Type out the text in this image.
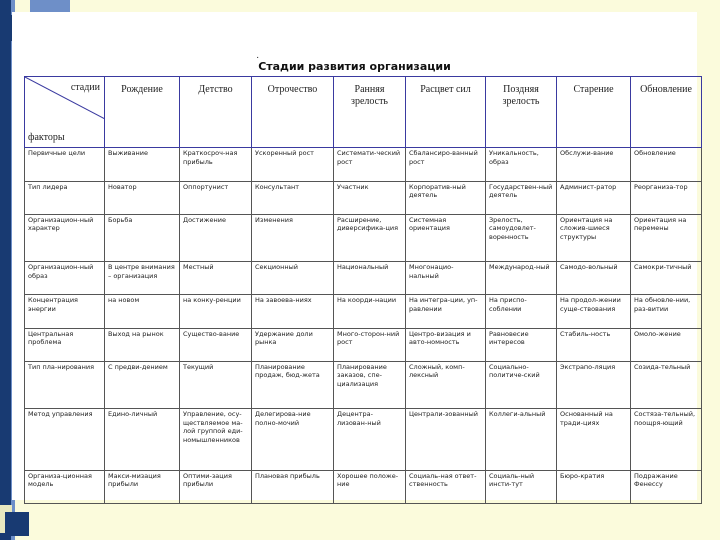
·
Стадии развития организации
стадии
факторы	Рождение	Детство	Отрочество	Ранняя зрелость	Расцвет сил	Поздняя зрелость	Старение	Обновление
Первичные цели	Выживание	Краткосроч-ная прибыль	Ускоренный рост	Системати-ческий рост	Сбалансиро-ванный рост	Уникальность, образ	Обслужи-вание	Обновление
Тип лидера	Новатор	Оппортунист	Консультант	Участник	Корпоратив-ный деятель	Государствен-ный деятель	Админист-ратор	Реорганиза-тор
Организацион-ный характер	Борьба	Достижение	Изменения	Расширение, диверсифика-ция	Системная ориентация	Зрелость, самоудовлет-воренность	Ориентация на сложив-шиеся структуры	Ориентация на перемены
Организацион-ный образ	В центре внимания – организация	Местный	Секционный	Национальный	Многонацио-нальный	Международ-ный	Самодо-вольный	Самокри-тичный
Концентрация энергии	на новом	на конку-ренции	На завоева-ниях	На коорди-нации	На интегра-ции, уп-равлении	На приспо-соблении	На продол-жении суще-ствования	На обновле-нии, раз-витии
Центральная проблема	Выход на рынок	Существо-вание	Удержание доли рынка	Много-сторон-ний рост	Центро-визация и авто-номность	Равновесие интересов	Стабиль-ность	Омоло-жение
Тип пла-нирования	С предви-дением	Текущий	Планирование продаж, бюд-жета	Планирование заказов, спе-циализация	Сложный, комп-лексный	Социально-политиче-ский	Экстрапо-ляция	Созида-тельный
Метод управления	Едино-личный	Управление, осу-ществляемое ма-лой группой еди-номышленников	Делегирова-ние полно-мочий	Децентра-лизован-ный	Централи-зованный	Коллеги-альный	Основанный на тради-циях	Состяза-тельный, поощря-ющий
Организа-ционная модель	Макси-мизация прибыли	Оптими-зация прибыли	Плановая прибыль	Хорошее положе-ние	Социаль-ная ответ-ственность	Социаль-ный инсти-тут	Бюро-кратия	Подражание Фенессу
